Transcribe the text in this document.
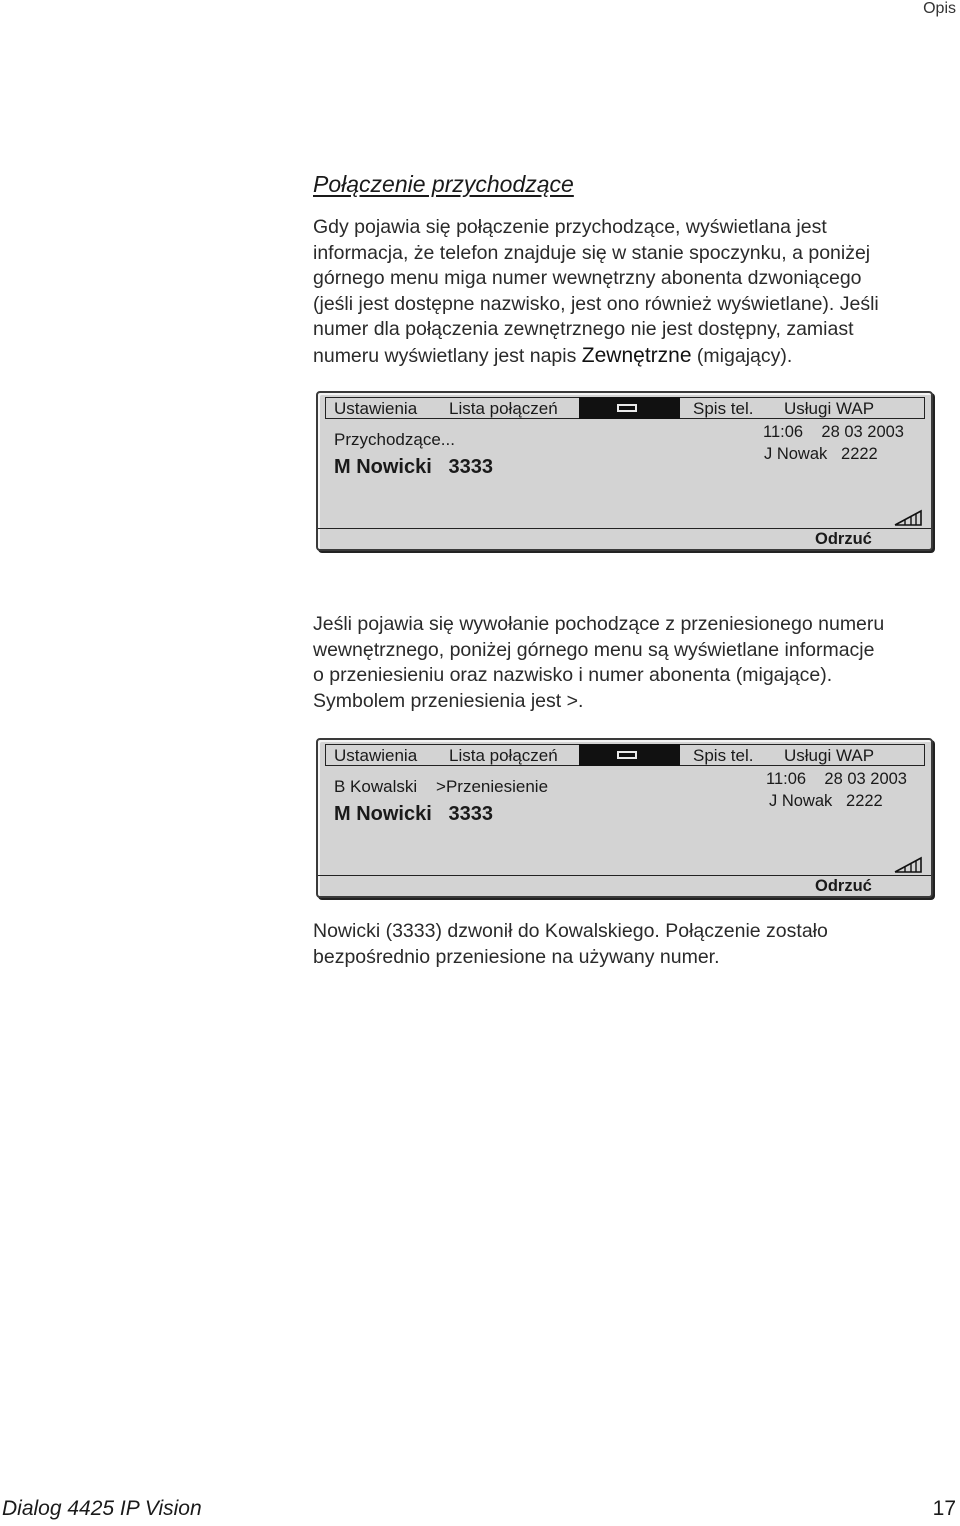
Opis
Połączenie przychodzące
Gdy pojawia się połączenie przychodzące, wyświetlana jest
informacja, że telefon znajduje się w stanie spoczynku, a poniżej
górnego menu miga numer wewnętrzny abonenta dzwoniącego
(jeśli jest dostępne nazwisko, jest ono również wyświetlane). Jeśli
numer dla połączenia zewnętrznego nie jest dostępny, zamiast
numeru wyświetlany jest napis Zewnętrzne (migający).
Ustawienia Lista połączeń	Spis tel. Usługi WAP
Przychodzące...
M Nowicki   3333
11:06    28 03 2003
J Nowak   2222
Odrzuć
Jeśli pojawia się wywołanie pochodzące z przeniesionego numeru
wewnętrznego, poniżej górnego menu są wyświetlane informacje
o przeniesieniu oraz nazwisko i numer abonenta (migające).
Symbolem przeniesienia jest >.
Ustawienia Lista połączeń	Spis tel. Usługi WAP
B Kowalski    >Przeniesienie
M Nowicki   3333
11:06    28 03 2003
J Nowak   2222
Odrzuć
Nowicki (3333) dzwonił do Kowalskiego. Połączenie zostało
bezpośrednio przeniesione na używany numer.
Dialog 4425 IP Vision	17
